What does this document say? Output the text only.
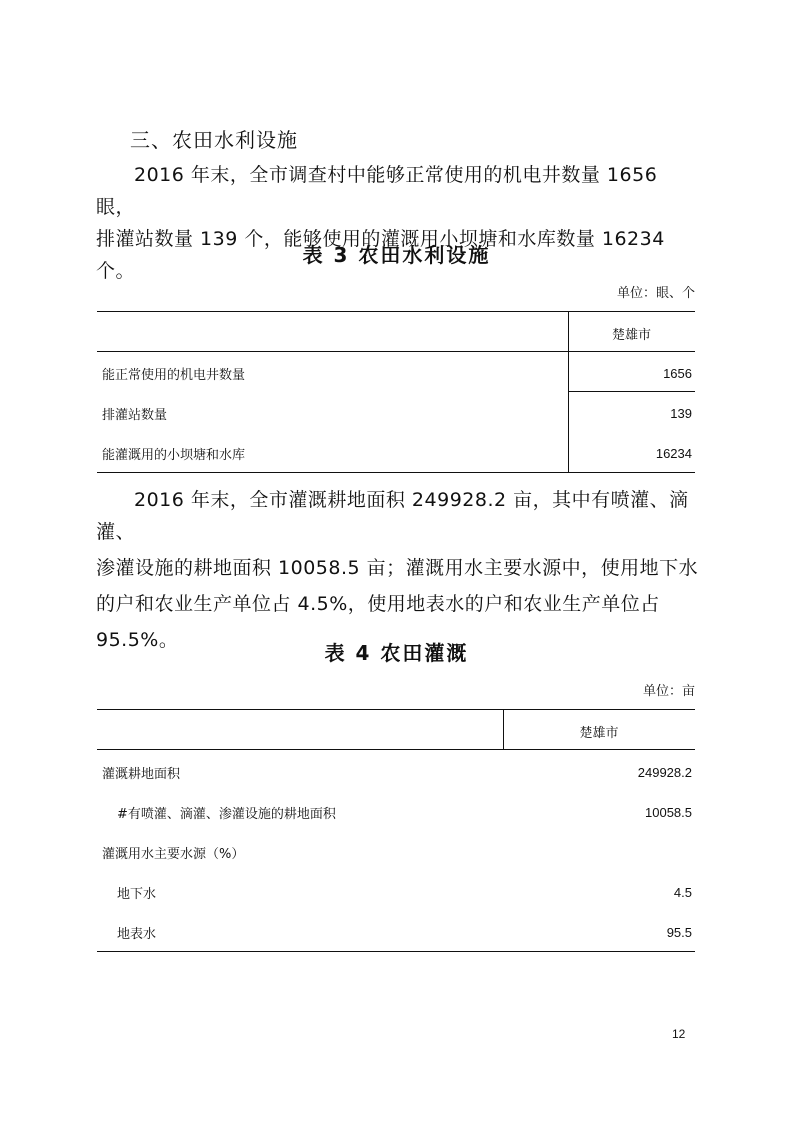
三、农田水利设施
2016 年末，全市调查村中能够正常使用的机电井数量 1656 眼，
排灌站数量 139 个，能够使用的灌溉用小坝塘和水库数量 16234 个。
表 3 农田水利设施
单位：眼、个
楚雄市
能正常使用的机电井数量	1656
排灌站数量	139
能灌溉用的小坝塘和水库	16234
2016 年末，全市灌溉耕地面积 249928.2 亩，其中有喷灌、滴灌、
渗灌设施的耕地面积 10058.5 亩；灌溉用水主要水源中，使用地下水
的户和农业生产单位占 4.5%，使用地表水的户和农业生产单位占
95.5%。
表 4 农田灌溉
单位：亩
楚雄市
灌溉耕地面积	249928.2
#有喷灌、滴灌、渗灌设施的耕地面积	10058.5
灌溉用水主要水源（%）
地下水	4.5
地表水	95.5
12
